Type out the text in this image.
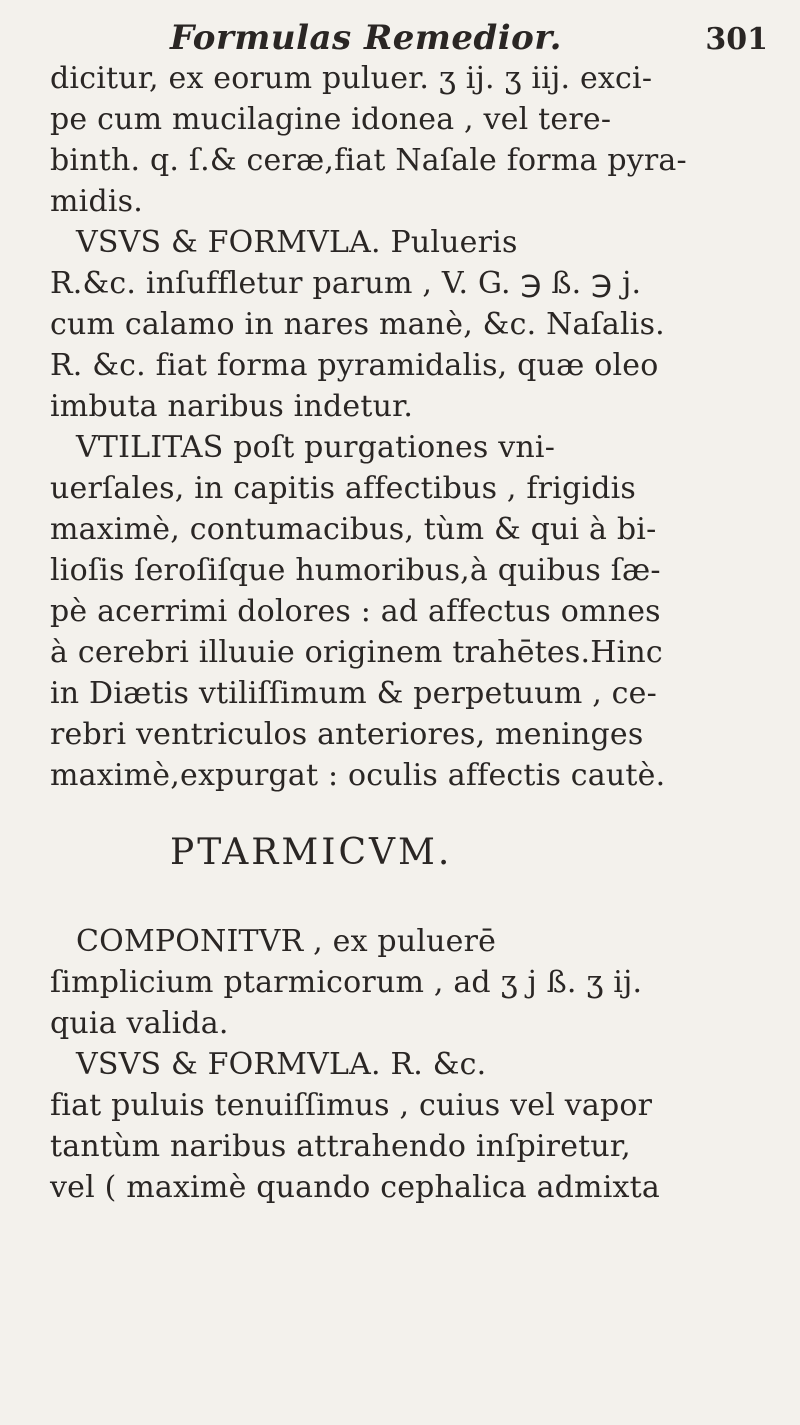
Formulas Remedior.	301
dicitur, ex eorum puluer. ʒ ij. ʒ iij. exci-
pe cum mucilagine idonea , vel tere-
binth. q. ſ.& ceræ,fiat Naſale forma pyra-
midis.
VSVS & FORMVLA. Pulueris
R.&c. inſuffletur parum , V. G. ℈ ß. ℈ j.
cum calamo in nares manè, &c. Naſalis.
R. &c. fiat forma pyramidalis, quæ oleo
imbuta naribus indetur.
VTILITAS poſt purgationes vni-
uerſales, in capitis affectibus , frigidis
maximè, contumacibus, tùm & qui à bi-
lioſis ſeroſiſque humoribus,à quibus ſæ-
pè acerrimi dolores : ad affectus omnes
à cerebri illuuie originem trahētes.Hinc
in Diætis vtiliſſimum & perpetuum , ce-
rebri ventriculos anteriores, meninges
maximè,expurgat : oculis affectis cautè.
PTARMICVM.
COMPONITVR , ex puluerē
ſimplicium ptarmicorum , ad ʒ j ß. ʒ ij.
quia valida.
VSVS & FORMVLA. R. &c.
fiat puluis tenuiſſimus , cuius vel vapor
tantùm naribus attrahendo inſpiretur,
vel ( maximè quando cephalica admixta
